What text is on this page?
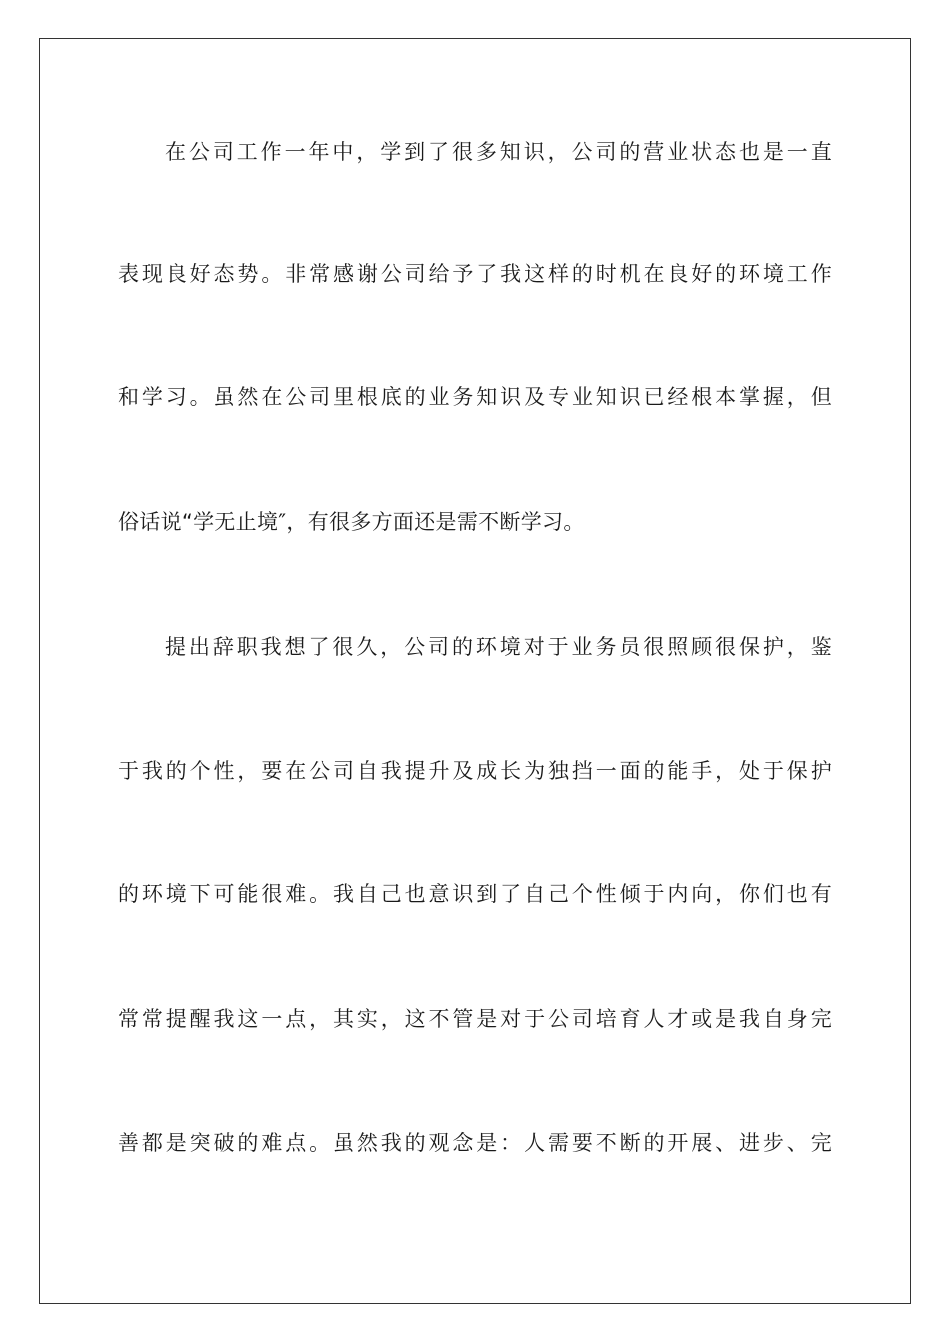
在公司工作一年中，学到了很多知识，公司的营业状态也是一直
表现良好态势。非常感谢公司给予了我这样的时机在良好的环境工作
和学习。虽然在公司里根底的业务知识及专业知识已经根本掌握，但
俗话说“学无止境″，有很多方面还是需不断学习。
提出辞职我想了很久，公司的环境对于业务员很照顾很保护，鉴
于我的个性，要在公司自我提升及成长为独挡一面的能手，处于保护
的环境下可能很难。我自己也意识到了自己个性倾于内向，你们也有
常常提醒我这一点，其实，这不管是对于公司培育人才或是我自身完
善都是突破的难点。虽然我的观念是：人需要不断的开展、进步、完
